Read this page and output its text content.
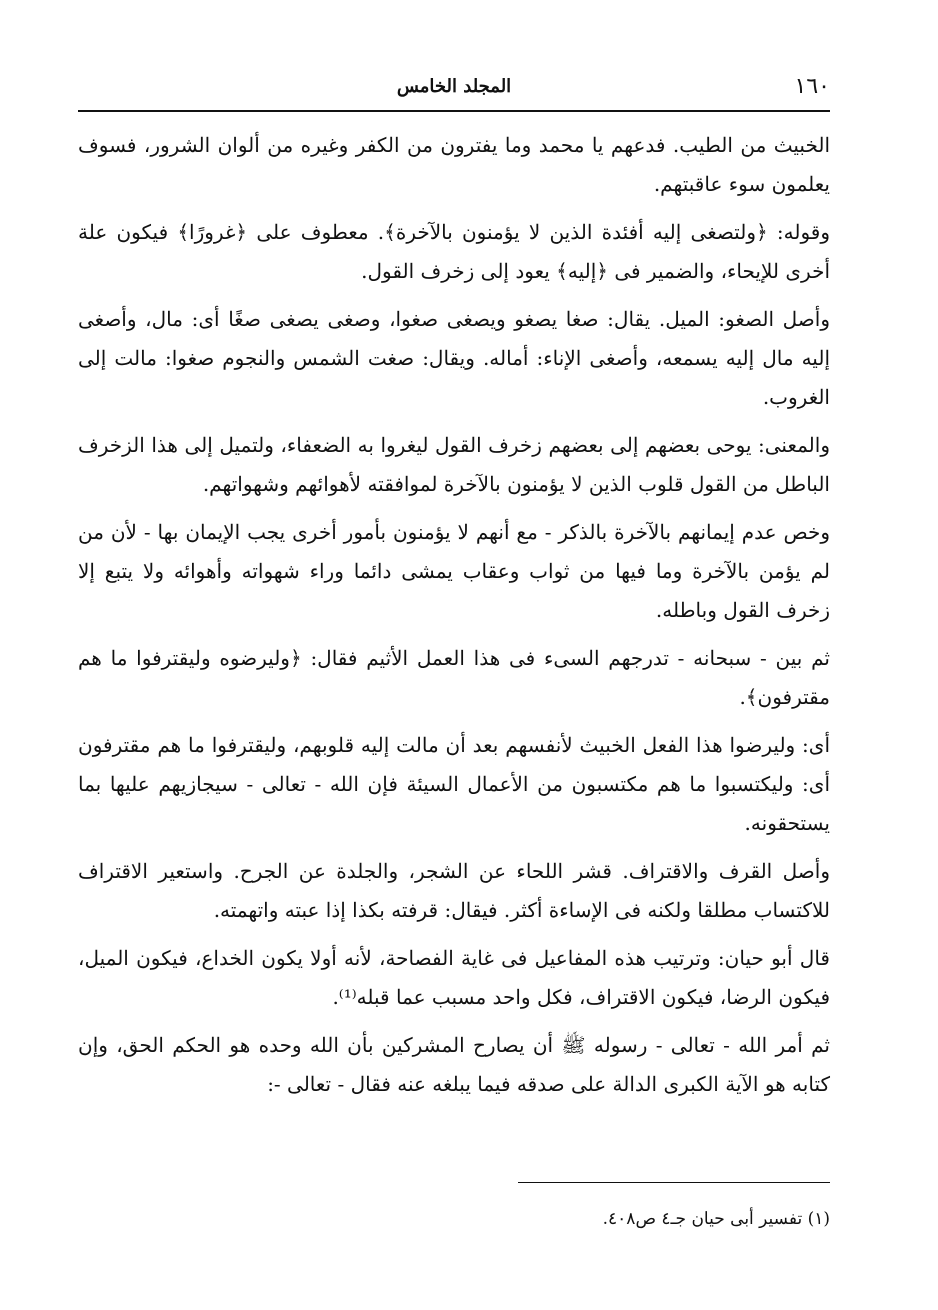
١٦٠
المجلد الخامس

الخبيث من الطيب. فدعهم يا محمد وما يفترون من الكفر وغيره من ألوان الشرور، فسوف يعلمون سوء عاقبتهم.

وقوله: ﴿ولتصغى إليه أفئدة الذين لا يؤمنون بالآخرة﴾. معطوف على ﴿غرورًا﴾ فيكون علة أخرى للإيحاء، والضمير فى ﴿إليه﴾ يعود إلى زخرف القول.

وأصل الصغو: الميل. يقال: صغا يصغو ويصغى صغوا، وصغى يصغى صغًا أى: مال، وأصغى إليه مال إليه يسمعه، وأصغى الإناء: أماله. ويقال: صغت الشمس والنجوم صغوا: مالت إلى الغروب.

والمعنى: يوحى بعضهم إلى بعضهم زخرف القول ليغروا به الضعفاء، ولتميل إلى هذا الزخرف الباطل من القول قلوب الذين لا يؤمنون بالآخرة لموافقته لأهوائهم وشهواتهم.

وخص عدم إيمانهم بالآخرة بالذكر - مع أنهم لا يؤمنون بأمور أخرى يجب الإيمان بها - لأن من لم يؤمن بالآخرة وما فيها من ثواب وعقاب يمشى دائما وراء شهواته وأهوائه ولا يتبع إلا زخرف القول وباطله.

ثم بين - سبحانه - تدرجهم السىء فى هذا العمل الأثيم فقال: ﴿وليرضوه وليقترفوا ما هم مقترفون﴾.

أى: وليرضوا هذا الفعل الخبيث لأنفسهم بعد أن مالت إليه قلوبهم، وليقترفوا ما هم مقترفون أى: وليكتسبوا ما هم مكتسبون من الأعمال السيئة فإن الله - تعالى - سيجازيهم عليها بما يستحقونه.

وأصل القرف والاقتراف. قشر اللحاء عن الشجر، والجلدة عن الجرح. واستعير الاقتراف للاكتساب مطلقا ولكنه فى الإساءة أكثر. فيقال: قرفته بكذا إذا عبته واتهمته.

قال أبو حيان: وترتيب هذه المفاعيل فى غاية الفصاحة، لأنه أولا يكون الخداع، فيكون الميل، فيكون الرضا، فيكون الاقتراف، فكل واحد مسبب عما قبله⁽¹⁾.

ثم أمر الله - تعالى - رسوله ﷺ أن يصارح المشركين بأن الله وحده هو الحكم الحق، وإن كتابه هو الآية الكبرى الدالة على صدقه فيما يبلغه عنه فقال - تعالى -:

(١) تفسير أبى حيان جـ٤ ص٤٠٨.
